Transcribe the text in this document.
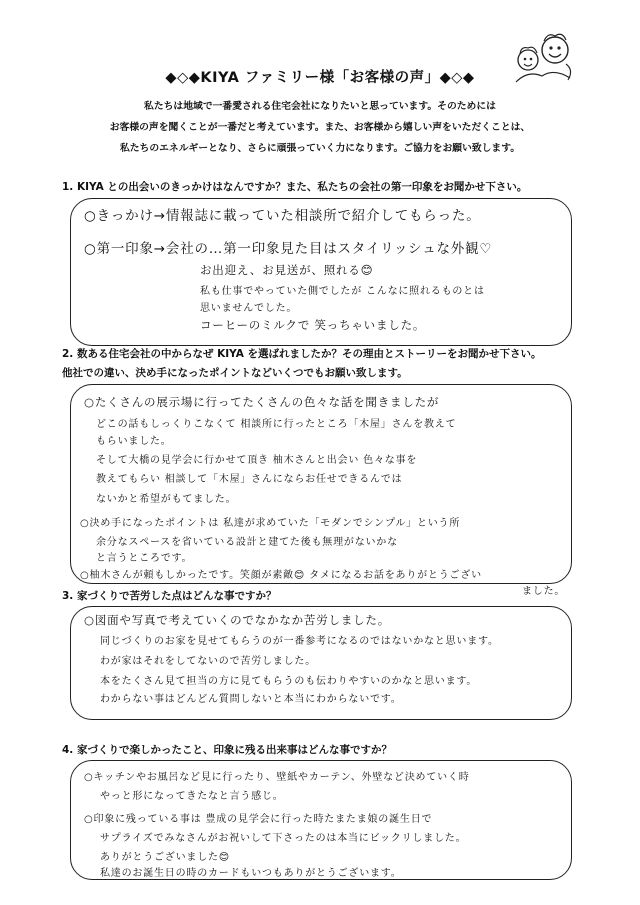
◆◇◆KIYA ファミリー様「お客様の声」◆◇◆
私たちは地域で一番愛される住宅会社になりたいと思っています。そのためには
お客様の声を聞くことが一番だと考えています。また、お客様から嬉しい声をいただくことは、
私たちのエネルギーとなり、さらに頑張っていく力になります。ご協力をお願い致します。
1. KIYA との出会いのきっかけはなんですか？また、私たちの会社の第一印象をお聞かせ下さい。
○きっかけ→情報誌に載っていた相談所で紹介してもらった。
○第一印象→会社の…第一印象見た目はスタイリッシュな外観♡
お出迎え、お見送が、照れる😊
私も仕事でやっていた側でしたが こんなに照れるものとは
思いませんでした。
コーヒーのミルクで 笑っちゃいました。
2. 数ある住宅会社の中からなぜ KIYA を選ばれましたか？その理由とストーリーをお聞かせ下さい。
他社での違い、決め手になったポイントなどいくつでもお願い致します。
○たくさんの展示場に行ってたくさんの色々な話を聞きましたが
どこの話もしっくりこなくて 相談所に行ったところ「木屋」さんを教えて
もらいました。
そして大橋の見学会に行かせて頂き 柚木さんと出会い 色々な事を
教えてもらい 相談して「木屋」さんにならお任せできるんでは
ないかと希望がもてました。
○決め手になったポイントは 私達が求めていた「モダンでシンプル」という所
余分なスペースを省いている設計と建てた後も無理がないかな
と言うところです。
○柚木さんが頼もしかったです。笑顔が素敵😊 タメになるお話をありがとうござい
ました。
3. 家づくりで苦労した点はどんな事ですか？
○図面や写真で考えていくのでなかなか苦労しました。
同じづくりのお家を見せてもらうのが一番参考になるのではないかなと思います。
わが家はそれをしてないので苦労しました。
本をたくさん見て担当の方に見てもらうのも伝わりやすいのかなと思います。
わからない事はどんどん質問しないと本当にわからないです。
4. 家づくりで楽しかったこと、印象に残る出来事はどんな事ですか？
○キッチンやお風呂など見に行ったり、壁紙やカーテン、外壁など決めていく時
やっと形になってきたなと言う感じ。
○印象に残っている事は 豊成の見学会に行った時たまたま娘の誕生日で
サプライズでみなさんがお祝いして下さったのは本当にビックリしました。
ありがとうございました😊
私達のお誕生日の時のカードもいつもありがとうございます。
